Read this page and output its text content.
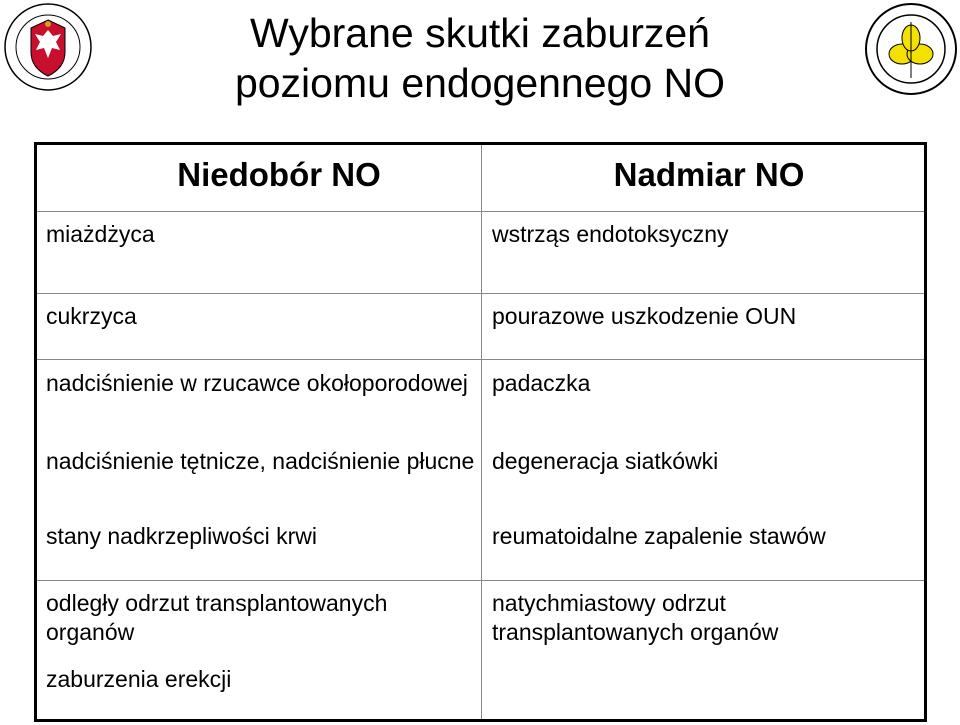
Wybrane skutki zaburzeń
poziomu endogennego NO
Niedobór NO	Nadmiar NO
miażdżyca
cukrzyca
nadciśnienie w rzucawce okołoporodowej
nadciśnienie tętnicze, nadciśnienie płucne
stany nadkrzepliwości krwi
odległy odrzut transplantowanych organów
zaburzenia erekcji
wstrząs endotoksyczny
pourazowe uszkodzenie OUN
padaczka
degeneracja siatkówki
reumatoidalne zapalenie stawów
natychmiastowy odrzut transplantowanych organów
